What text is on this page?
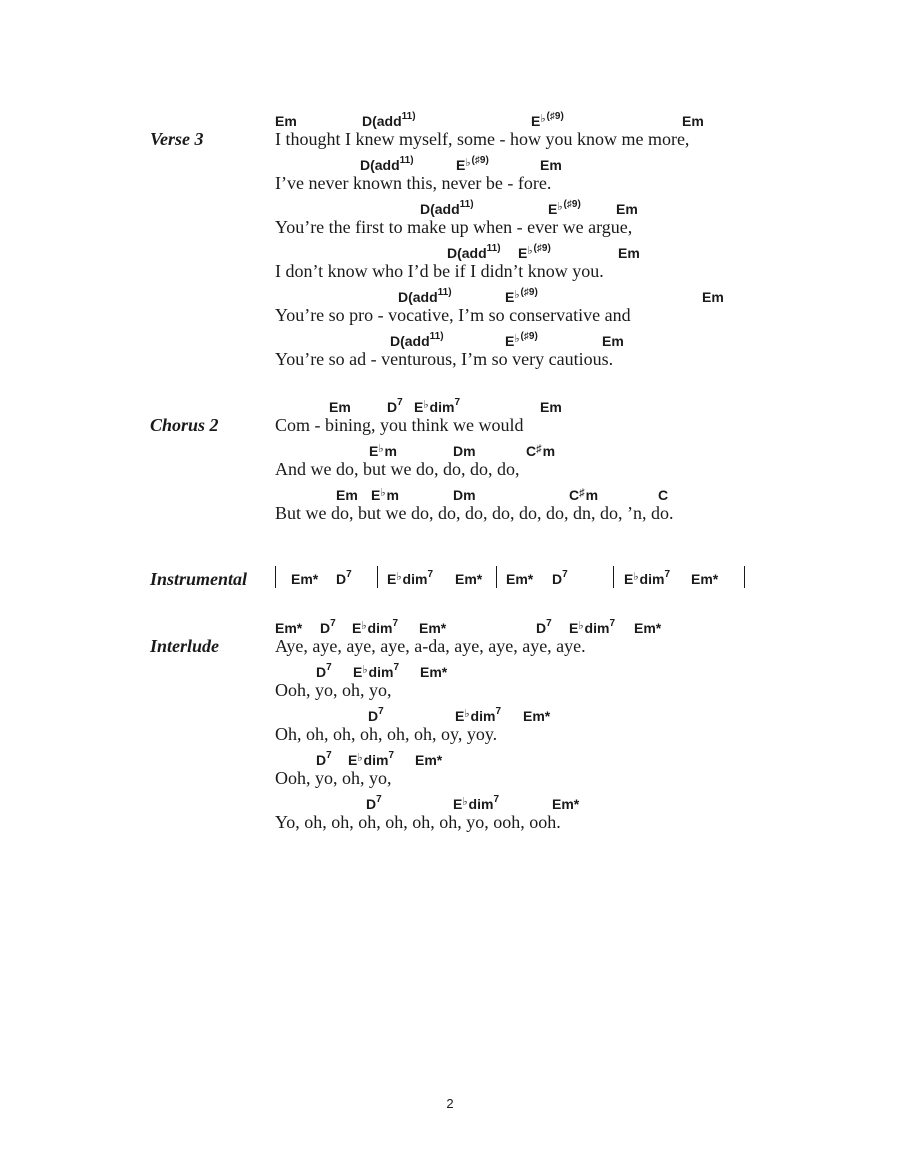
Verse 3
Em	D(add$^{11)}$	$E^{♭(♯9)}$	Em
I thought I knew myself, some - how you know me more,
D(add$^{11)}$	$E^{♭(♯9)}$	Em
I’ve never known this, never be - fore.
D(add$^{11)}$	$E^{♭(♯9)}$	Em
You’re the first to make up when - ever we argue,
D(add$^{11)}$ $E^{♭(♯9)}$	Em
I don’t know who I’d be if I didn’t know you.
D(add$^{11)}$	$E^{♭(♯9)}$	Em
You’re so pro - vocative, I’m so conservative and
D(add$^{11)}$	$E^{♭(♯9)}$	Em
You’re so ad - venturous, I’m so very cautious.
Chorus 2
Em	$D^7$ E♭dim$^7$	Em
Com - bining, you think we would
E♭m	Dm	C♯m
And we do, but we do, do, do, do,
Em E♭m	Dm	C♯m	C
But we do, but we do, do, do, do, do, do, dn, do, ’n, do.
Instrumental	Em* $D^7$	E♭dim$^7$ Em* Em* $D^7$	E♭dim$^7$ Em*
Interlude
Em* $D^7$ E♭dim$^7$ Em*	$D^7$ E♭dim$^7$ Em*
Aye, aye, aye, aye, a-da, aye, aye, aye, aye.
$D^7$ E♭dim$^7$ Em*
Ooh, yo, oh, yo,
$D^7$	E♭dim$^7$ Em*
Oh, oh, oh, oh, oh, oh, oy, yoy.
$D^7$ E♭dim$^7$ Em*
Ooh, yo, oh, yo,
$D^7$	E♭dim$^7$	Em*
Yo, oh, oh, oh, oh, oh, oh, yo, ooh, ooh.
2
